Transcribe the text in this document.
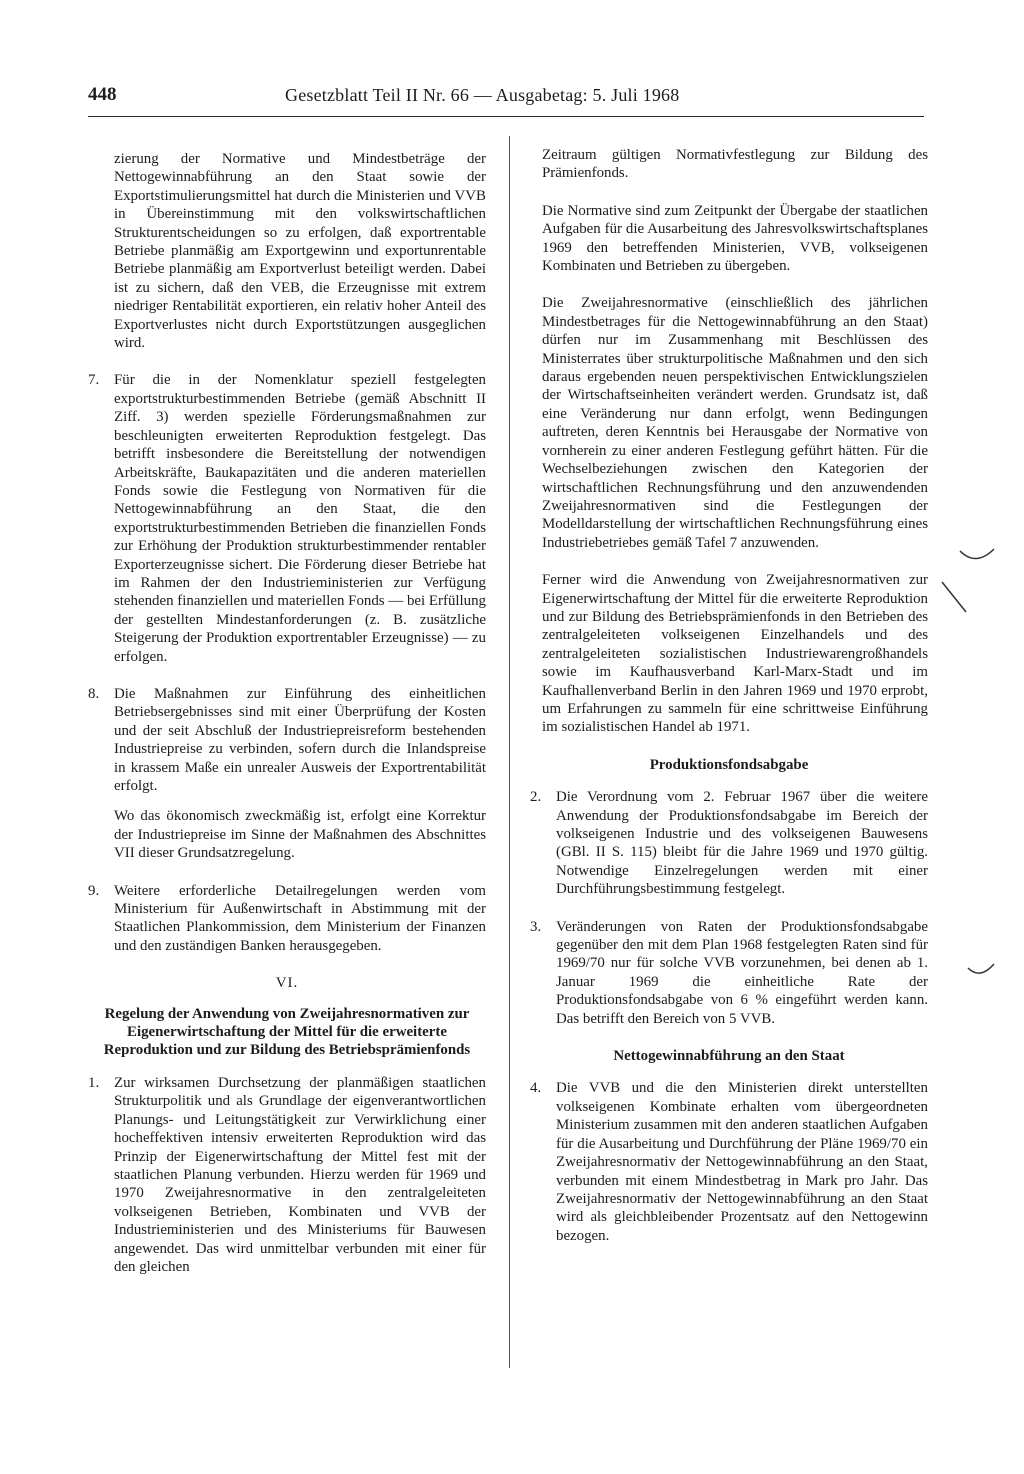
448	Gesetzblatt Teil II Nr. 66 — Ausgabetag: 5. Juli 1968

zierung der Normative und Mindestbeträge der Nettogewinnabführung an den Staat sowie der Exportstimulierungsmittel hat durch die Ministerien und VVB in Übereinstimmung mit den volkswirtschaftlichen Strukturentscheidungen so zu erfolgen, daß exportrentable Betriebe planmäßig am Exportgewinn und exportunrentable Betriebe planmäßig am Exportverlust beteiligt werden. Dabei ist zu sichern, daß den VEB, die Erzeugnisse mit extrem niedriger Rentabilität exportieren, ein relativ hoher Anteil des Exportverlustes nicht durch Exportstützungen ausgeglichen wird.

7. Für die in der Nomenklatur speziell festgelegten exportstrukturbestimmenden Betriebe (gemäß Abschnitt II Ziff. 3) werden spezielle Förderungsmaßnahmen zur beschleunigten erweiterten Reproduktion festgelegt. Das betrifft insbesondere die Bereitstellung der notwendigen Arbeitskräfte, Baukapazitäten und die anderen materiellen Fonds sowie die Festlegung von Normativen für die Nettogewinnabführung an den Staat, die den exportstrukturbestimmenden Betrieben die finanziellen Fonds zur Erhöhung der Produktion strukturbestimmender rentabler Exporterzeugnisse sichert. Die Förderung dieser Betriebe hat im Rahmen der den Industrieministerien zur Verfügung stehenden finanziellen und materiellen Fonds — bei Erfüllung der gestellten Mindestanforderungen (z. B. zusätzliche Steigerung der Produktion exportrentabler Erzeugnisse) — zu erfolgen.
8. Die Maßnahmen zur Einführung des einheitlichen Betriebsergebnisses sind mit einer Überprüfung der Kosten und der seit Abschluß der Industriepreisreform bestehenden Industriepreise zu verbinden, sofern durch die Inlandspreise in krassem Maße ein unrealer Ausweis der Exportrentabilität erfolgt.

Wo das ökonomisch zweckmäßig ist, erfolgt eine Korrektur der Industriepreise im Sinne der Maßnahmen des Abschnittes VII dieser Grundsatzregelung.

9. Weitere erforderliche Detailregelungen werden vom Ministerium für Außenwirtschaft in Abstimmung mit der Staatlichen Plankommission, dem Ministerium der Finanzen und den zuständigen Banken herausgegeben.
VI.
Regelung der Anwendung von Zweijahresnormativen zur Eigenerwirtschaftung der Mittel für die erweiterte Reproduktion und zur Bildung des Betriebsprämienfonds
1. Zur wirksamen Durchsetzung der planmäßigen staatlichen Strukturpolitik und als Grundlage der eigenverantwortlichen Planungs- und Leitungstätigkeit zur Verwirklichung einer hocheffektiven intensiv erweiterten Reproduktion wird das Prinzip der Eigenerwirtschaftung der Mittel fest mit der staatlichen Planung verbunden. Hierzu werden für 1969 und 1970 Zweijahresnormative in den zentralgeleiteten volkseigenen Betrieben, Kombinaten und VVB der Industrieministerien und des Ministeriums für Bauwesen angewendet. Das wird unmittelbar verbunden mit einer für den gleichen

Zeitraum gültigen Normativfestlegung zur Bildung des Prämienfonds.

Die Normative sind zum Zeitpunkt der Übergabe der staatlichen Aufgaben für die Ausarbeitung des Jahresvolkswirtschaftsplanes 1969 den betreffenden Ministerien, VVB, volkseigenen Kombinaten und Betrieben zu übergeben.

Die Zweijahresnormative (einschließlich des jährlichen Mindestbetrages für die Nettogewinnabführung an den Staat) dürfen nur im Zusammenhang mit Beschlüssen des Ministerrates über strukturpolitische Maßnahmen und den sich daraus ergebenden neuen perspektivischen Entwicklungszielen der Wirtschaftseinheiten verändert werden. Grundsatz ist, daß eine Veränderung nur dann erfolgt, wenn Bedingungen auftreten, deren Kenntnis bei Herausgabe der Normative von vornherein zu einer anderen Festlegung geführt hätten. Für die Wechselbeziehungen zwischen den Kategorien der wirtschaftlichen Rechnungsführung und den anzuwendenden Zweijahresnormativen sind die Festlegungen der Modelldarstellung der wirtschaftlichen Rechnungsführung eines Industriebetriebes gemäß Tafel 7 anzuwenden.

Ferner wird die Anwendung von Zweijahresnormativen zur Eigenerwirtschaftung der Mittel für die erweiterte Reproduktion und zur Bildung des Betriebsprämienfonds in den Betrieben des zentralgeleiteten volkseigenen Einzelhandels und des zentralgeleiteten sozialistischen Industriewarengroßhandels sowie im Kaufhausverband Karl-Marx-Stadt und im Kaufhallenverband Berlin in den Jahren 1969 und 1970 erprobt, um Erfahrungen zu sammeln für eine schrittweise Einführung im sozialistischen Handel ab 1971.

Produktionsfondsabgabe
2. Die Verordnung vom 2. Februar 1967 über die weitere Anwendung der Produktionsfondsabgabe im Bereich der volkseigenen Industrie und des volkseigenen Bauwesens (GBl. II S. 115) bleibt für die Jahre 1969 und 1970 gültig. Notwendige Einzelregelungen werden mit einer Durchführungsbestimmung festgelegt.
3. Veränderungen von Raten der Produktionsfondsabgabe gegenüber den mit dem Plan 1968 festgelegten Raten sind für 1969/70 nur für solche VVB vorzunehmen, bei denen ab 1. Januar 1969 die einheitliche Rate der Produktionsfondsabgabe von 6 % eingeführt werden kann. Das betrifft den Bereich von 5 VVB.
Nettogewinnabführung an den Staat
4. Die VVB und die den Ministerien direkt unterstellten volkseigenen Kombinate erhalten vom übergeordneten Ministerium zusammen mit den anderen staatlichen Aufgaben für die Ausarbeitung und Durchführung der Pläne 1969/70 ein Zweijahresnormativ der Nettogewinnabführung an den Staat, verbunden mit einem Mindestbetrag in Mark pro Jahr. Das Zweijahresnormativ der Nettogewinnabführung an den Staat wird als gleichbleibender Prozentsatz auf den Nettogewinn bezogen.
